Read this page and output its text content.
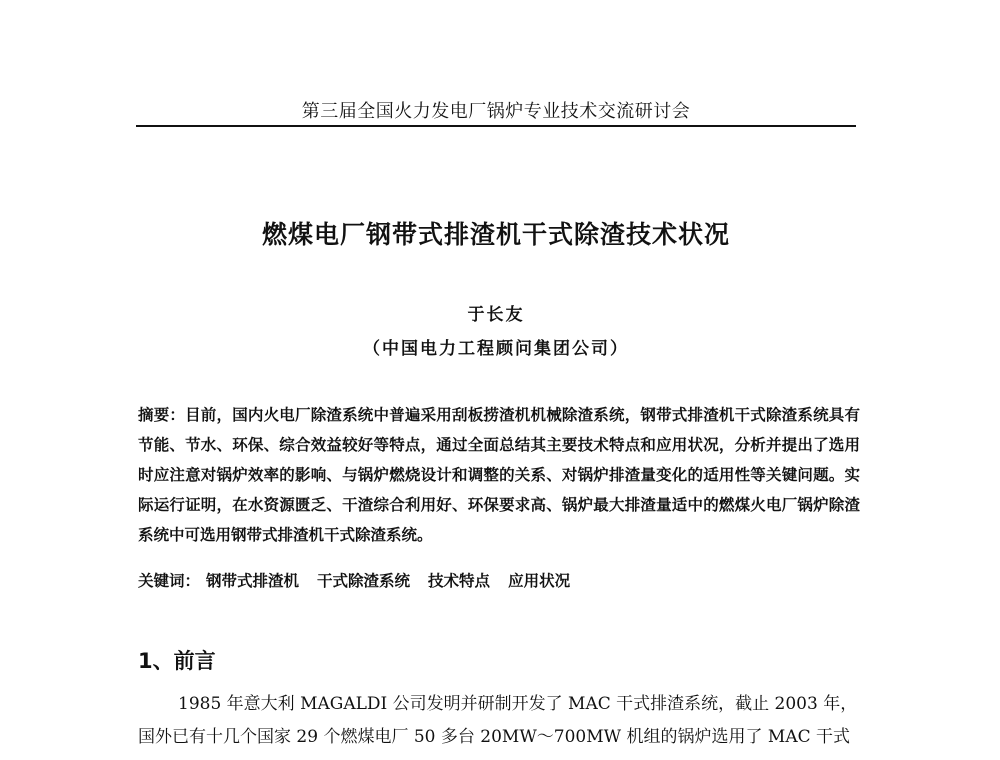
第三届全国火力发电厂锅炉专业技术交流研讨会
燃煤电厂钢带式排渣机干式除渣技术状况
于长友
（中国电力工程顾问集团公司）
摘要：目前，国内火电厂除渣系统中普遍采用刮板捞渣机机械除渣系统，钢带式排渣机干式除渣系统具有节能、节水、环保、综合效益较好等特点，通过全面总结其主要技术特点和应用状况，分析并提出了选用时应注意对锅炉效率的影响、与锅炉燃烧设计和调整的关系、对锅炉排渣量变化的适用性等关键问题。实际运行证明，在水资源匮乏、干渣综合利用好、环保要求高、锅炉最大排渣量适中的燃煤火电厂锅炉除渣系统中可选用钢带式排渣机干式除渣系统。
关键词： 钢带式排渣机 干式除渣系统 技术特点 应用状况
1、前言
1985 年意大利 MAGALDI 公司发明并研制开发了 MAC 干式排渣系统，截止 2003 年，
国外已有十几个国家 29 个燃煤电厂 50 多台 20MW～700MW 机组的锅炉选用了 MAC 干式
